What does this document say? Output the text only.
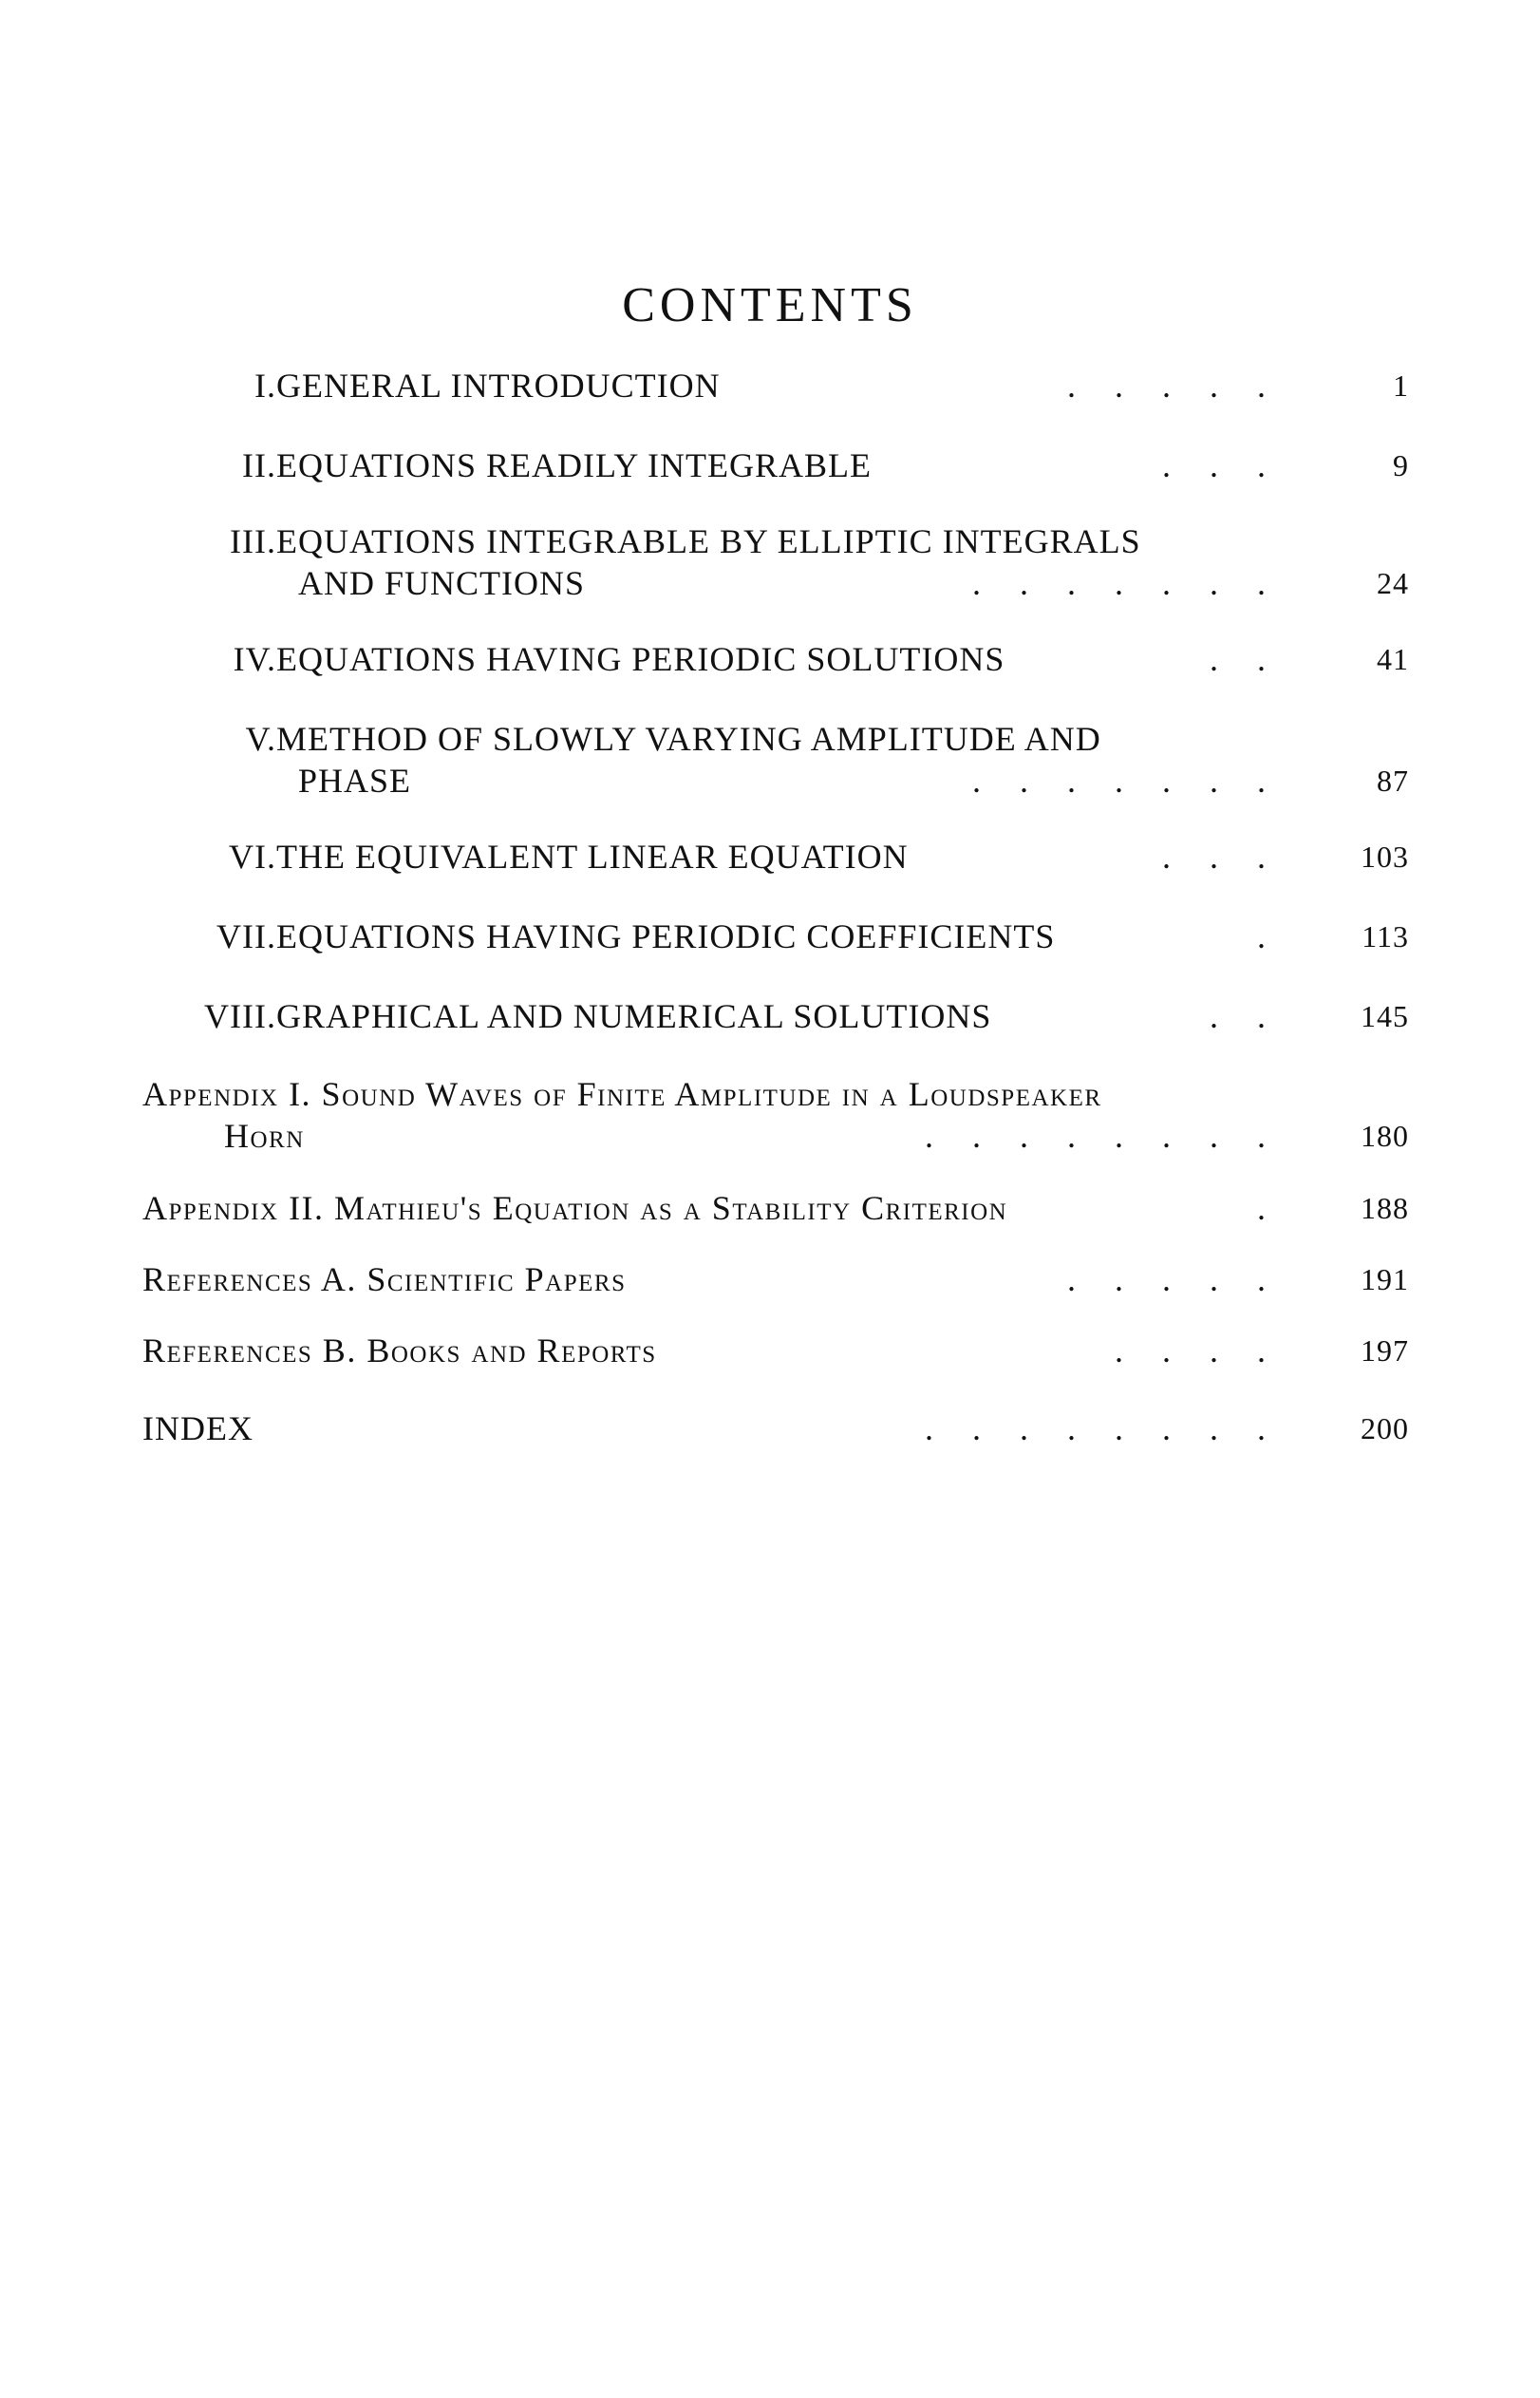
CONTENTS
I. GENERAL INTRODUCTION	.    .    .    .    .	1
II. EQUATIONS READILY INTEGRABLE	.    .    .	9
III. EQUATIONS INTEGRABLE BY ELLIPTIC INTEGRALS
AND FUNCTIONS	.    .    .    .    .    .    .	24
IV. EQUATIONS HAVING PERIODIC SOLUTIONS	.    .	41
V. METHOD OF SLOWLY VARYING AMPLITUDE AND
PHASE	.    .    .    .    .    .    .	87
VI. THE EQUIVALENT LINEAR EQUATION	.    .    .	103
VII. EQUATIONS HAVING PERIODIC COEFFICIENTS	.	113
VIII. GRAPHICAL AND NUMERICAL SOLUTIONS	.    .	145
Appendix I. Sound Waves of Finite Amplitude in a Loudspeaker
Horn	.    .    .    .    .    .    .    .	180
Appendix II. Mathieu's Equation as a Stability Criterion	.	188
References A. Scientific Papers	.    .    .    .    .	191
References B. Books and Reports	.    .    .    .	197
INDEX	.    .    .    .    .    .    .    .	200
